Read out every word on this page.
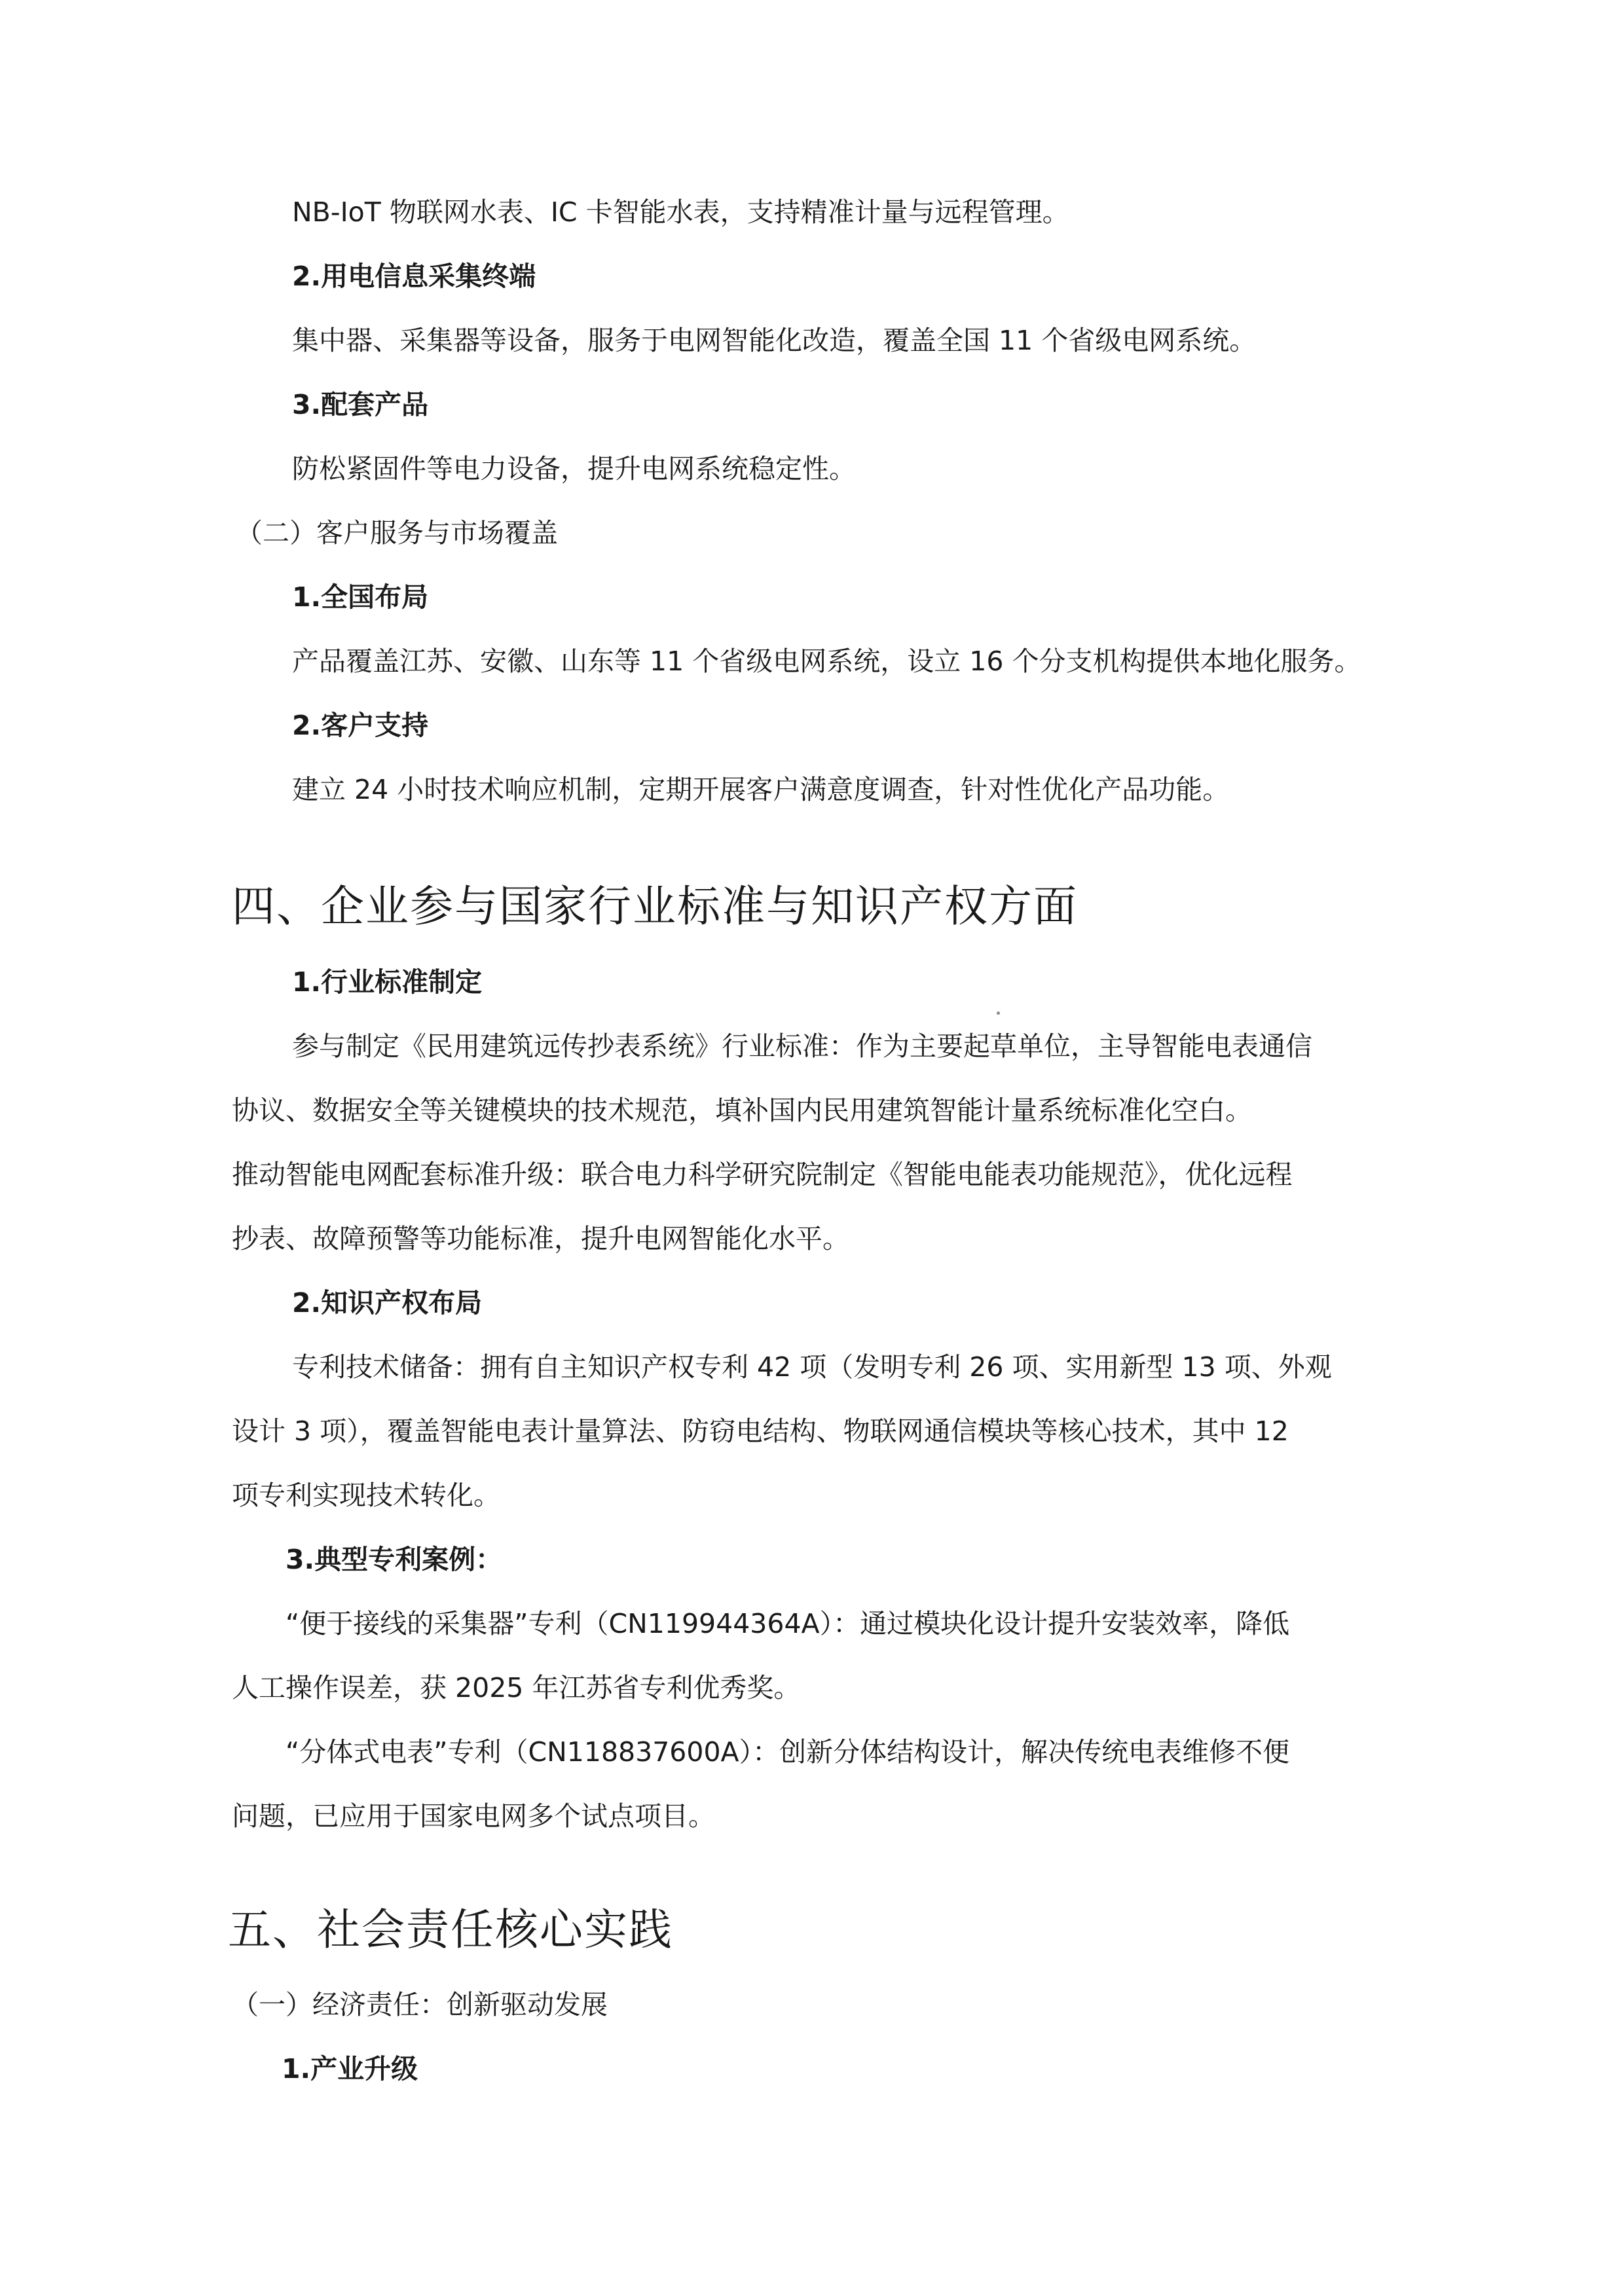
NB-IoT 物联网水表、IC 卡智能水表，支持精准计量与远程管理。
2.用电信息采集终端
集中器、采集器等设备，服务于电网智能化改造，覆盖全国 11 个省级电网系统。
3.配套产品
防松紧固件等电力设备，提升电网系统稳定性。
（二）客户服务与市场覆盖
1.全国布局
产品覆盖江苏、安徽、山东等 11 个省级电网系统，设立 16 个分支机构提供本地化服务。
2.客户支持
建立 24 小时技术响应机制，定期开展客户满意度调查，针对性优化产品功能。
四、企业参与国家行业标准与知识产权方面
1.行业标准制定
参与制定《民用建筑远传抄表系统》行业标准：作为主要起草单位，主导智能电表通信
协议、数据安全等关键模块的技术规范，填补国内民用建筑智能计量系统标准化空白。
推动智能电网配套标准升级：联合电力科学研究院制定《智能电能表功能规范》，优化远程
抄表、故障预警等功能标准，提升电网智能化水平。
2.知识产权布局
专利技术储备：拥有自主知识产权专利 42 项（发明专利 26 项、实用新型 13 项、外观
设计 3 项），覆盖智能电表计量算法、防窃电结构、物联网通信模块等核心技术，其中 12
项专利实现技术转化。
3.典型专利案例：
“便于接线的采集器”专利（CN119944364A）：通过模块化设计提升安装效率，降低
人工操作误差，获 2025 年江苏省专利优秀奖。
“分体式电表”专利（CN118837600A）：创新分体结构设计，解决传统电表维修不便
问题，已应用于国家电网多个试点项目。
五、社会责任核心实践
（一）经济责任：创新驱动发展
1.产业升级
